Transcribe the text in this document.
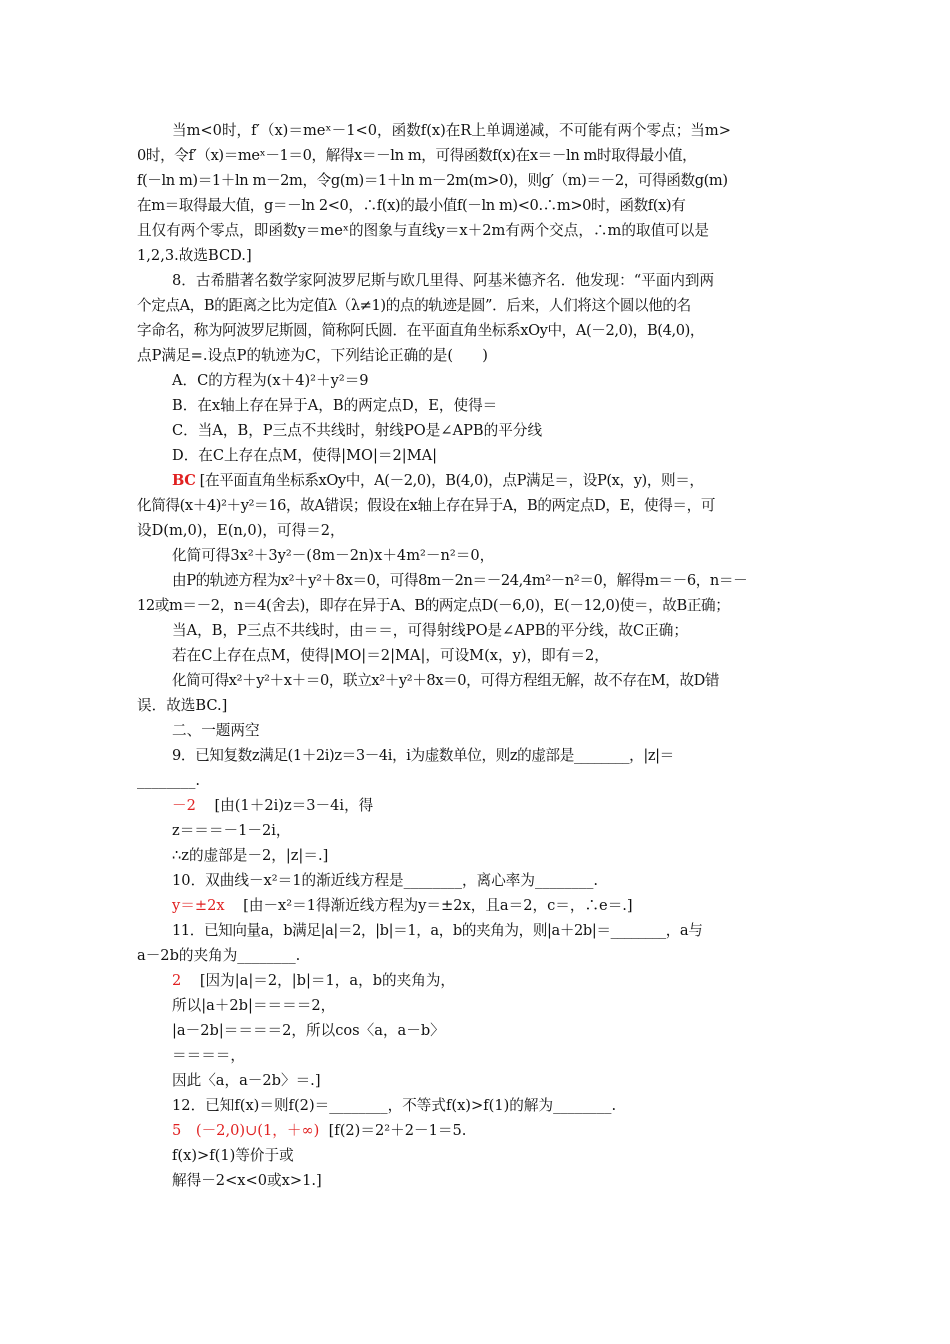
当m<0时，f′（x)＝meˣ－1<0，函数f(x)在R上单调递减，不可能有两个零点；当m>
0时，令f′（x)＝meˣ－1＝0，解得x＝－ln m，可得函数f(x)在x＝－ln m时取得最小值，
f(－ln m)＝1＋ln m－2m，令g(m)＝1＋ln m－2m(m>0)，则g′（m)＝－2，可得函数g(m)
在m＝取得最大值，g＝－ln 2<0，∴f(x)的最小值f(－ln m)<0.∴m>0时，函数f(x)有
且仅有两个零点，即函数y＝meˣ的图象与直线y＝x＋2m有两个交点，∴m的取值可以是
1,2,3.故选BCD.]
8．古希腊著名数学家阿波罗尼斯与欧几里得、阿基米德齐名．他发现：“平面内到两
个定点A，B的距离之比为定值λ（λ≠1)的点的轨迹是圆”．后来，人们将这个圆以他的名
字命名，称为阿波罗尼斯圆，简称阿氏圆．在平面直角坐标系xOy中，A(－2,0)，B(4,0)，
点P满足=.设点P的轨迹为C，下列结论正确的是(　　)
A．C的方程为(x＋4)²＋y²＝9
B．在x轴上存在异于A，B的两定点D，E，使得＝
C．当A，B，P三点不共线时，射线PO是∠APB的平分线
D．在C上存在点M，使得|MO|＝2|MA|
BC [在平面直角坐标系xOy中，A(－2,0)，B(4,0)，点P满足＝，设P(x，y)，则＝，
化简得(x＋4)²＋y²＝16，故A错误；假设在x轴上存在异于A，B的两定点D，E，使得＝，可
设D(m,0)，E(n,0)，可得＝2，
化简可得3x²＋3y²－(8m－2n)x＋4m²－n²＝0，
由P的轨迹方程为x²＋y²＋8x＝0，可得8m－2n＝－24,4m²－n²＝0，解得m＝－6，n＝－
12或m＝－2，n＝4(舍去)，即存在异于A、B的两定点D(－6,0)，E(－12,0)使＝，故B正确；
当A，B，P三点不共线时，由＝＝，可得射线PO是∠APB的平分线，故C正确；
若在C上存在点M，使得|MO|＝2|MA|，可设M(x，y)，即有＝2，
化简可得x²＋y²＋x＋＝0，联立x²＋y²＋8x＝0，可得方程组无解，故不存在M，故D错
误．故选BC.]
二、一题两空
9．已知复数z满足(1＋2i)z＝3－4i，i为虚数单位，则z的虚部是________，|z|＝
________.
－2 [由(1＋2i)z＝3－4i，得
z＝＝＝－1－2i，
∴z的虚部是－2，|z|＝.]
10．双曲线－x²＝1的渐近线方程是________，离心率为________.
y＝±2x [由－x²＝1得渐近线方程为y＝±2x，且a＝2，c＝，∴e＝.]
11．已知向量a，b满足|a|＝2，|b|＝1，a，b的夹角为，则|a＋2b|＝________，a与
a－2b的夹角为________.
2 [因为|a|＝2，|b|＝1，a，b的夹角为，
所以|a＋2b|＝＝＝＝2，
|a－2b|＝＝＝＝2，所以cos〈a，a－b〉
＝＝＝＝，
因此〈a，a－2b〉＝.]
12．已知f(x)＝则f(2)＝________，不等式f(x)>f(1)的解为________.
5　(－2,0)∪(1，＋∞) [f(2)＝2²＋2－1＝5.
f(x)>f(1)等价于或
解得－2<x<0或x>1.]
